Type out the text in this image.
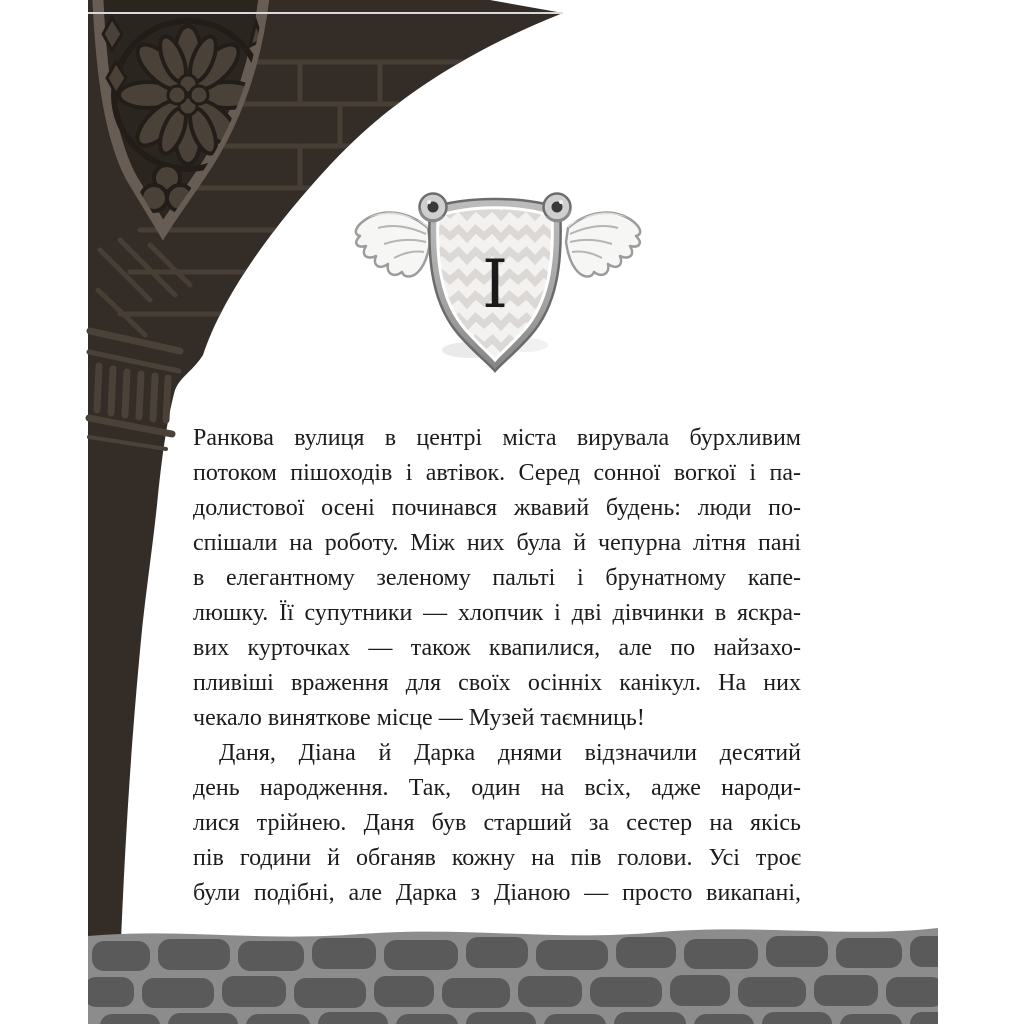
I
Ранкова вулиця в центрі міста вирувала бурхливим
потоком пішоходів і автівок. Серед сонної вогкої і па-
долистової осені починався жвавий будень: люди по-
спішали на роботу. Між них була й чепурна літня пані
в елегантному зеленому пальті і брунатному капе-
люшку. Її супутники — хлопчик і дві дівчинки в яскра-
вих курточках — також квапилися, але по найзахо-
пливіші враження для своїх осінніх канікул. На них
чекало виняткове місце — Музей таємниць!
Даня, Діана й Дарка днями відзначили десятий
день народження. Так, один на всіх, адже народи-
лися трійнею. Даня був старший за сестер на якісь
пів години й обганяв кожну на пів голови. Усі троє
були подібні, але Дарка з Діаною — просто викапані,
